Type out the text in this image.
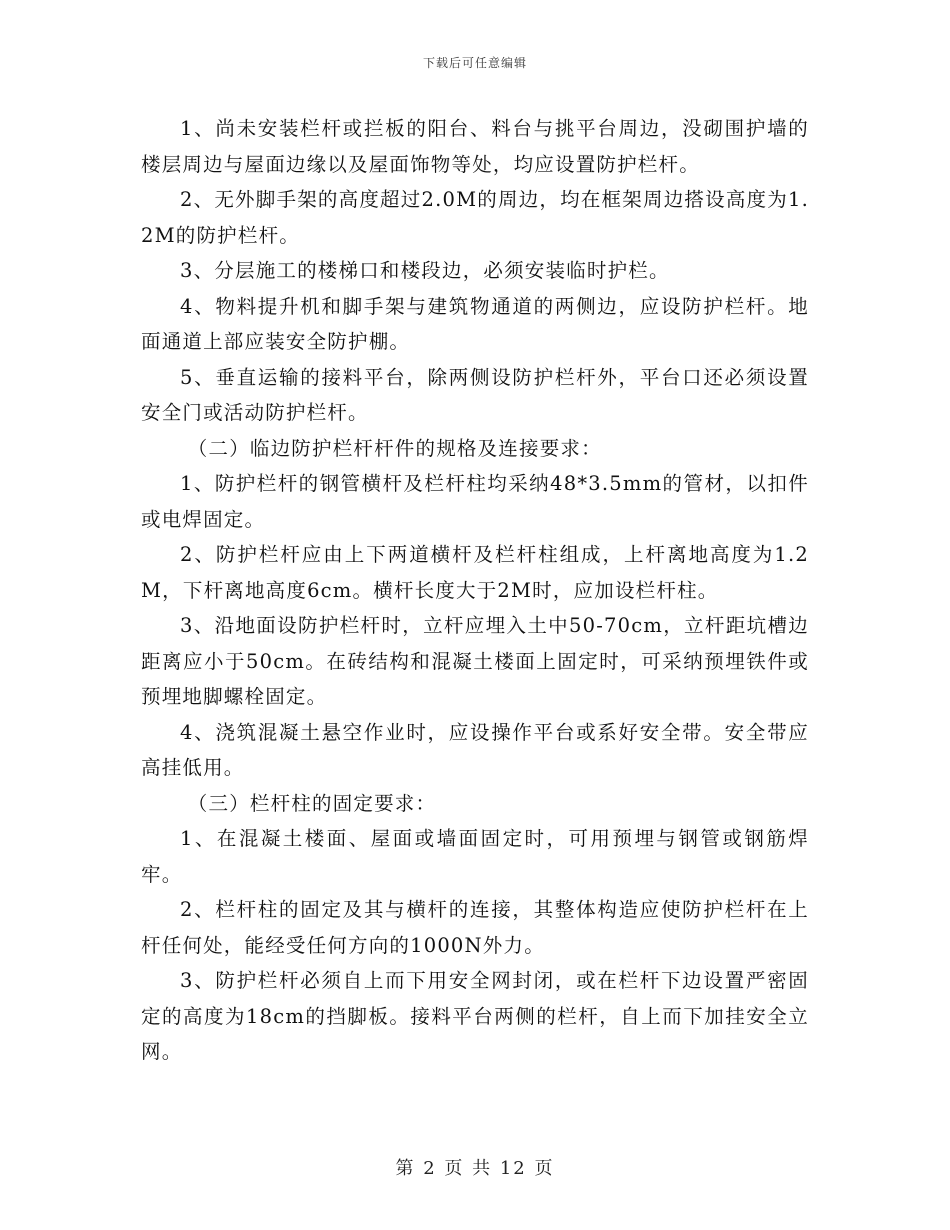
下载后可任意编辑

1、尚未安装栏杆或拦板的阳台、料台与挑平台周边，没砌围护墙的楼层周边与屋面边缘以及屋面饰物等处，均应设置防护栏杆。

2、无外脚手架的高度超过2.0M的周边，均在框架周边搭设高度为1.2M的防护栏杆。

3、分层施工的楼梯口和楼段边，必须安装临时护栏。

4、物料提升机和脚手架与建筑物通道的两侧边，应设防护栏杆。地面通道上部应装安全防护棚。

5、垂直运输的接料平台，除两侧设防护栏杆外，平台口还必须设置安全门或活动防护栏杆。

（二）临边防护栏杆杆件的规格及连接要求：

1、防护栏杆的钢管横杆及栏杆柱均采纳48*3.5mm的管材，以扣件或电焊固定。

2、防护栏杆应由上下两道横杆及栏杆柱组成，上杆离地高度为1.2M，下杆离地高度6cm。横杆长度大于2M时，应加设栏杆柱。

3、沿地面设防护栏杆时，立杆应埋入土中50-70cm，立杆距坑槽边距离应小于50cm。在砖结构和混凝土楼面上固定时，可采纳预埋铁件或预埋地脚螺栓固定。

4、浇筑混凝土悬空作业时，应设操作平台或系好安全带。安全带应高挂低用。

（三）栏杆柱的固定要求：

1、在混凝土楼面、屋面或墙面固定时，可用预埋与钢管或钢筋焊牢。

2、栏杆柱的固定及其与横杆的连接，其整体构造应使防护栏杆在上杆任何处，能经受任何方向的1000N外力。

3、防护栏杆必须自上而下用安全网封闭，或在栏杆下边设置严密固定的高度为18cm的挡脚板。接料平台两侧的栏杆，自上而下加挂安全立网。

第 2 页 共 12 页
